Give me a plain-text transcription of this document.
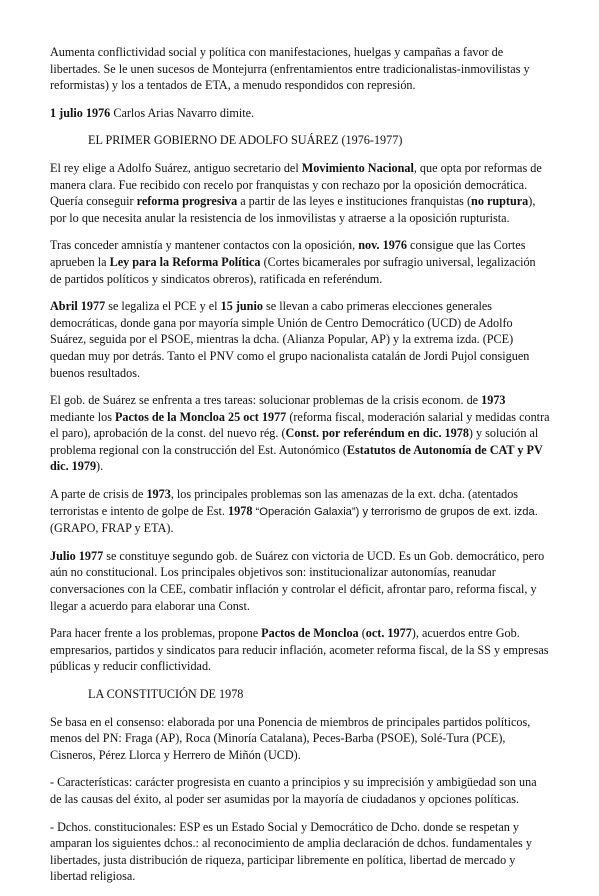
Aumenta conflictividad social y política con manifestaciones, huelgas y campañas a favor de libertades. Se le unen sucesos de Montejurra (enfrentamientos entre tradicionalistas-inmovilistas y reformistas) y los a tentados de ETA, a menudo respondidos con represión.

1 julio 1976 Carlos Arias Navarro dimite.

EL PRIMER GOBIERNO DE ADOLFO SUÁREZ (1976-1977)

El rey elige a Adolfo Suárez, antiguo secretario del Movimiento Nacional, que opta por reformas de manera clara. Fue recibido con recelo por franquistas y con rechazo por la oposición democrática. Quería conseguir reforma progresiva a partir de las leyes e instituciones franquistas (no ruptura), por lo que necesita anular la resistencia de los inmovilistas y atraerse a la oposición rupturista.

Tras conceder amnistía y mantener contactos con la oposición, nov. 1976 consigue que las Cortes aprueben la Ley para la Reforma Política (Cortes bicamerales por sufragio universal, legalización de partidos políticos y sindicatos obreros), ratificada en referéndum.

Abril 1977 se legaliza el PCE y el 15 junio se llevan a cabo primeras elecciones generales democráticas, donde gana por mayoría simple Unión de Centro Democrático (UCD) de Adolfo Suárez, seguida por el PSOE, mientras la dcha. (Alianza Popular, AP) y la extrema izda. (PCE) quedan muy por detrás. Tanto el PNV como el grupo nacionalista catalán de Jordi Pujol consiguen buenos resultados.

El gob. de Suárez se enfrenta a tres tareas: solucionar problemas de la crisis econom. de 1973 mediante los Pactos de la Moncloa 25 oct 1977 (reforma fiscal, moderación salarial y medidas contra el paro), aprobación de la const. del nuevo rég. (Const. por referéndum en dic. 1978) y solución al problema regional con la construcción del Est. Autonómico (Estatutos de Autonomía de CAT y PV dic. 1979).

A parte de crisis de 1973, los principales problemas son las amenazas de la ext. dcha. (atentados terroristas e intento de golpe de Est. 1978 “Operación Galaxia”) y terrorismo de grupos de ext. izda. (GRAPO, FRAP y ETA).

Julio 1977 se constituye segundo gob. de Suárez con victoria de UCD. Es un Gob. democrático, pero aún no constitucional. Los principales objetivos son: institucionalizar autonomías, reanudar conversaciones con la CEE, combatir inflación y controlar el déficit, afrontar paro, reforma fiscal, y llegar a acuerdo para elaborar una Const.

Para hacer frente a los problemas, propone Pactos de Moncloa (oct. 1977), acuerdos entre Gob. empresarios, partidos y sindicatos para reducir inflación, acometer reforma fiscal, de la SS y empresas públicas y reducir conflictividad.

LA CONSTITUCIÓN DE 1978

Se basa en el consenso: elaborada por una Ponencia de miembros de principales partidos políticos, menos del PN: Fraga (AP), Roca (Minoría Catalana), Peces-Barba (PSOE), Solé-Tura (PCE), Cisneros, Pérez Llorca y Herrero de Miñón (UCD).

- Características: carácter progresista en cuanto a principios y su imprecisión y ambigüedad son una de las causas del éxito, al poder ser asumidas por la mayoría de ciudadanos y opciones políticas.

- Dchos. constitucionales: ESP es un Estado Social y Democrático de Dcho. donde se respetan y amparan los siguientes dchos.: al reconocimiento de amplia declaración de dchos. fundamentales y libertades, justa distribución de riqueza, participar libremente en política, libertad de mercado y libertad religiosa.
